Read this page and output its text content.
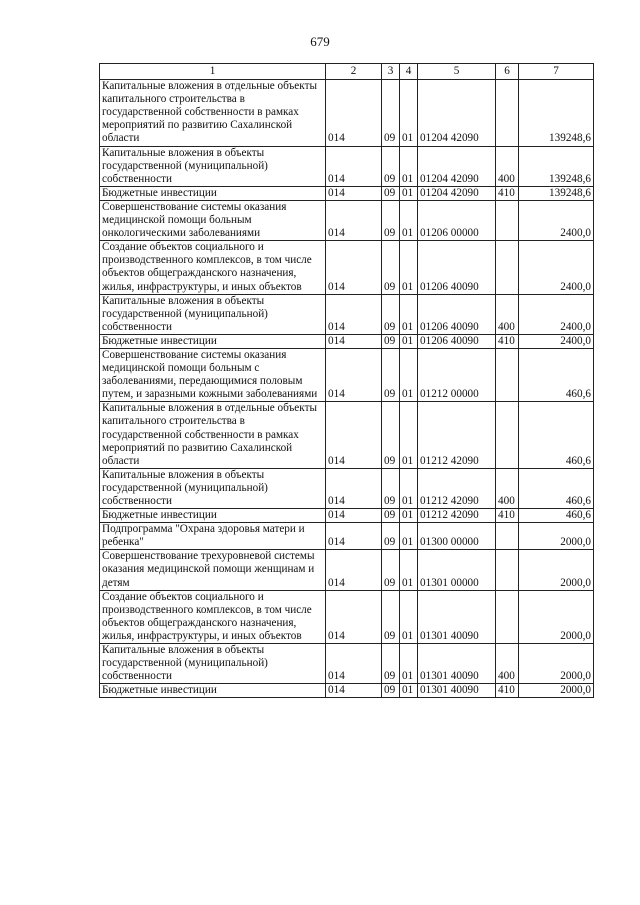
679
1	2	3	4	5	6	7
Капитальные вложения в отдельные объекты капитального строительства в государственной собственности в рамках мероприятий по развитию Сахалинской области	014	09	01	01204 42090		139248,6
Капитальные вложения в объекты государственной (муниципальной) собственности	014	09	01	01204 42090	400	139248,6
Бюджетные инвестиции	014	09	01	01204 42090	410	139248,6
Совершенствование системы оказания медицинской помощи больным онкологическими заболеваниями	014	09	01	01206 00000		2400,0
Создание объектов социального и производственного комплексов, в том числе объектов общегражданского назначения, жилья, инфраструктуры, и иных объектов	014	09	01	01206 40090		2400,0
Капитальные вложения в объекты государственной (муниципальной) собственности	014	09	01	01206 40090	400	2400,0
Бюджетные инвестиции	014	09	01	01206 40090	410	2400,0
Совершенствование системы оказания медицинской помощи больным с заболеваниями, передающимися половым путем, и заразными кожными заболеваниями	014	09	01	01212 00000		460,6
Капитальные вложения в отдельные объекты капитального строительства в государственной собственности в рамках мероприятий по развитию Сахалинской области	014	09	01	01212 42090		460,6
Капитальные вложения в объекты государственной (муниципальной) собственности	014	09	01	01212 42090	400	460,6
Бюджетные инвестиции	014	09	01	01212 42090	410	460,6
Подпрограмма "Охрана здоровья матери и ребенка"	014	09	01	01300 00000		2000,0
Совершенствование трехуровневой системы оказания медицинской помощи женщинам и детям	014	09	01	01301 00000		2000,0
Создание объектов социального и производственного комплексов, в том числе объектов общегражданского назначения, жилья, инфраструктуры, и иных объектов	014	09	01	01301 40090		2000,0
Капитальные вложения в объекты государственной (муниципальной) собственности	014	09	01	01301 40090	400	2000,0
Бюджетные инвестиции	014	09	01	01301 40090	410	2000,0
